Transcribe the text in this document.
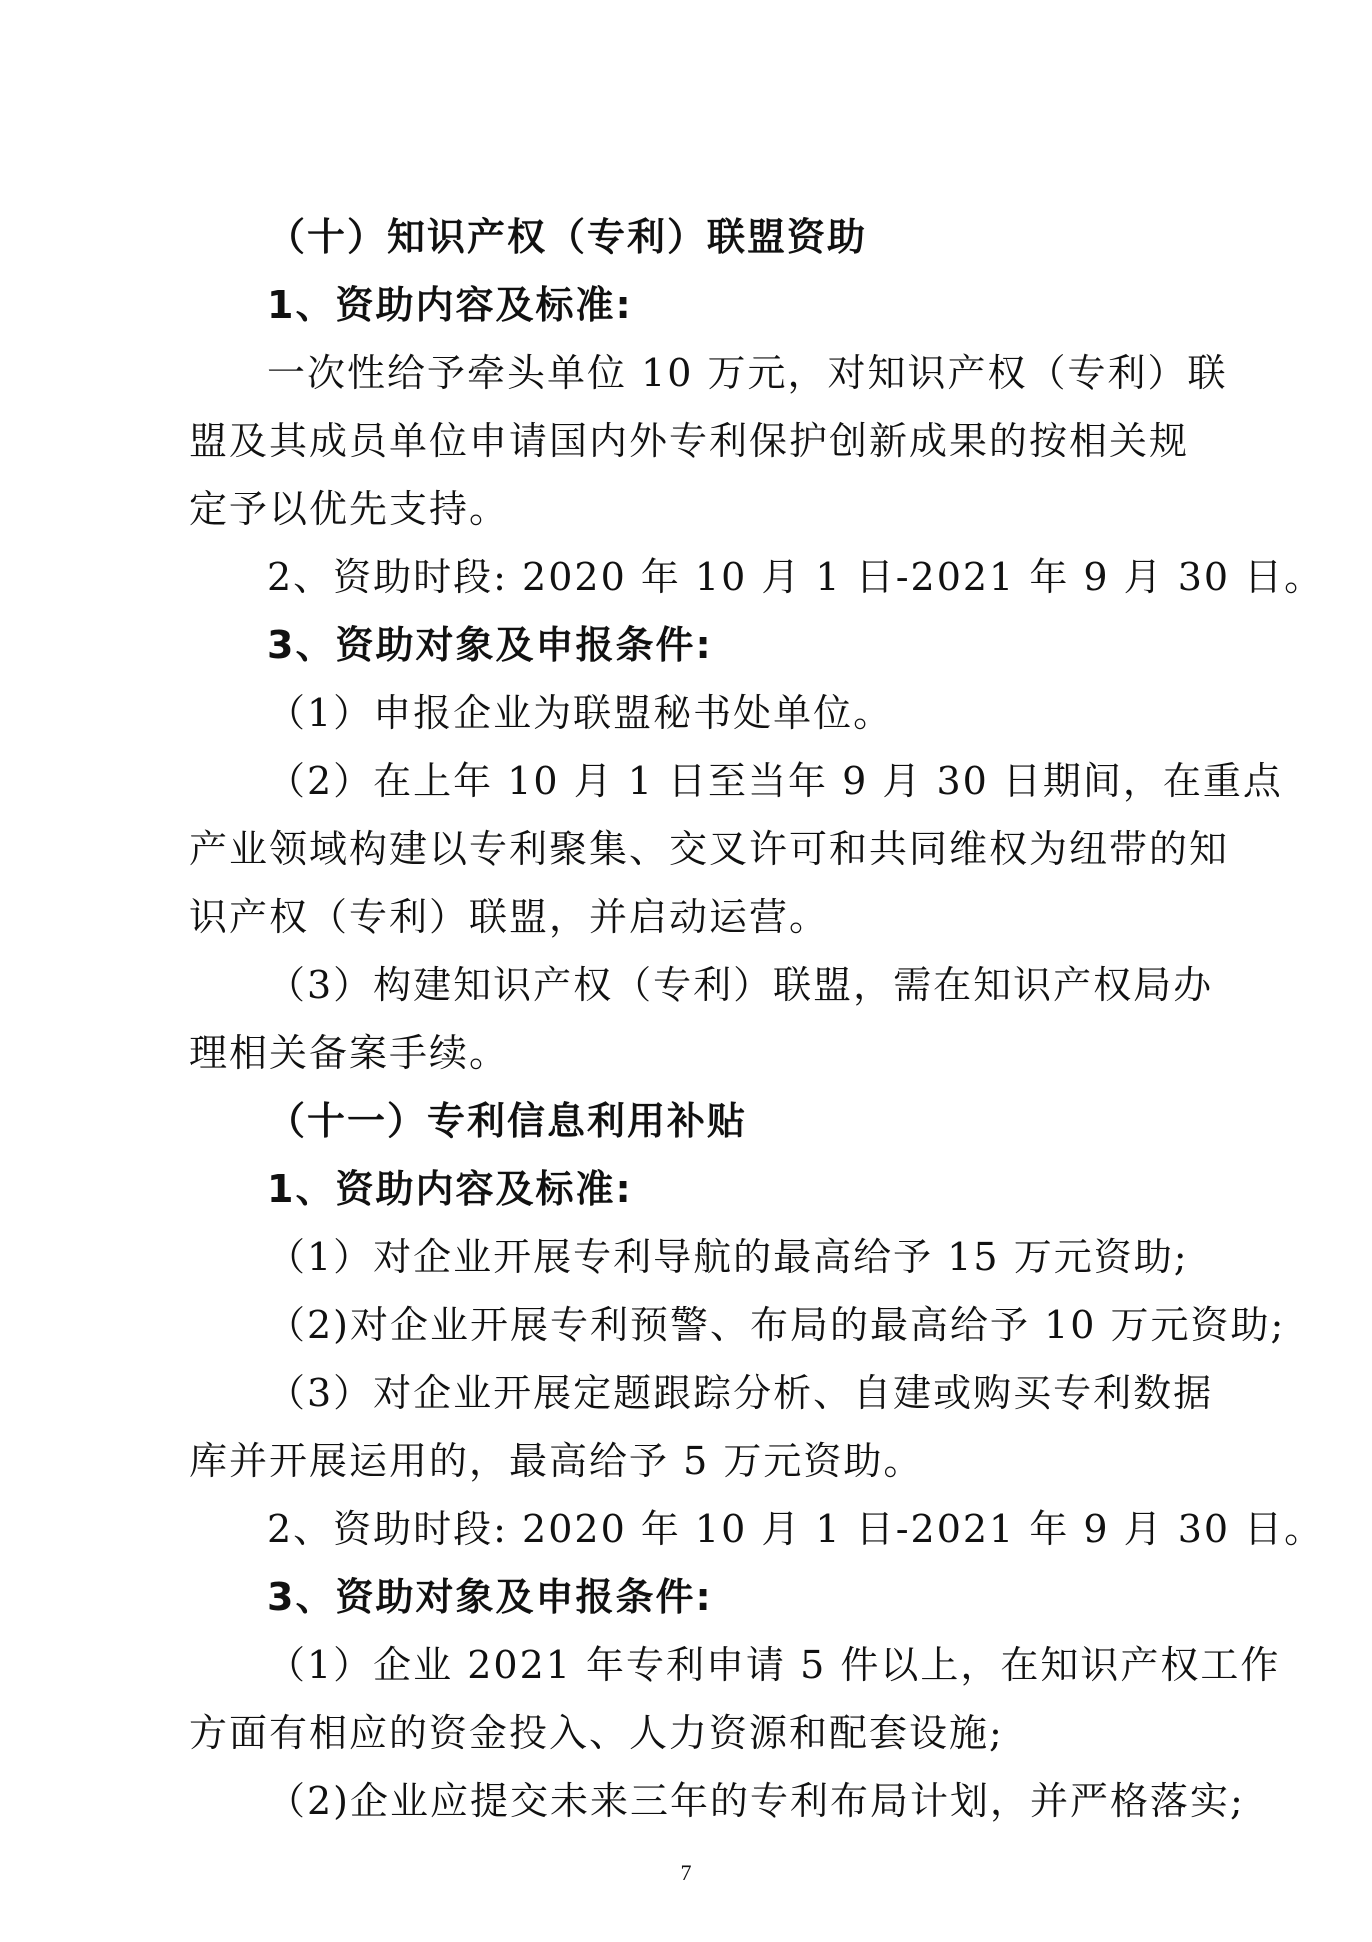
（十）知识产权（专利）联盟资助

1、资助内容及标准:

一次性给予牵头单位 10 万元，对知识产权（专利）联

盟及其成员单位申请国内外专利保护创新成果的按相关规

定予以优先支持。

2、资助时段: 2020 年 10 月 1 日-2021 年 9 月 30 日。

3、资助对象及申报条件:

（1）申报企业为联盟秘书处单位。

（2）在上年 10 月 1 日至当年 9 月 30 日期间，在重点

产业领域构建以专利聚集、交叉许可和共同维权为纽带的知

识产权（专利）联盟，并启动运营。

（3）构建知识产权（专利）联盟，需在知识产权局办

理相关备案手续。

（十一）专利信息利用补贴

1、资助内容及标准:

（1）对企业开展专利导航的最高给予 15 万元资助;

（2)对企业开展专利预警、布局的最高给予 10 万元资助;

（3）对企业开展定题跟踪分析、自建或购买专利数据

库并开展运用的，最高给予 5 万元资助。

2、资助时段: 2020 年 10 月 1 日-2021 年 9 月 30 日。

3、资助对象及申报条件:

（1）企业 2021 年专利申请 5 件以上，在知识产权工作

方面有相应的资金投入、人力资源和配套设施;

（2)企业应提交未来三年的专利布局计划，并严格落实;

7
